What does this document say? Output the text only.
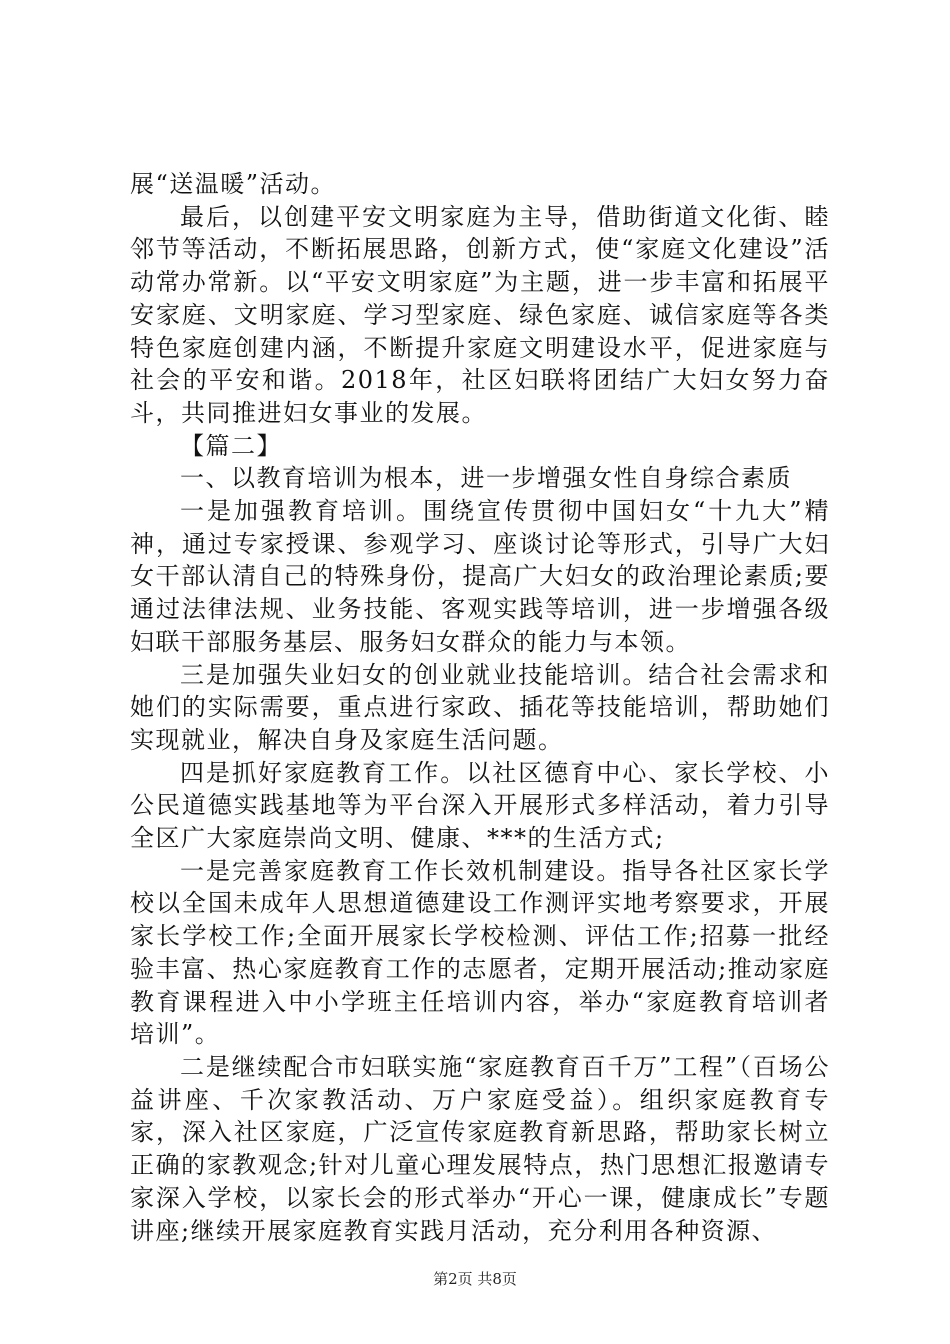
展“送温暖”活动。

最后，以创建平安文明家庭为主导，借助街道文化街、睦邻节等活动，不断拓展思路，创新方式，使“家庭文化建设”活动常办常新。以“平安文明家庭”为主题，进一步丰富和拓展平安家庭、文明家庭、学习型家庭、绿色家庭、诚信家庭等各类特色家庭创建内涵，不断提升家庭文明建设水平，促进家庭与社会的平安和谐。2018年，社区妇联将团结广大妇女努力奋斗，共同推进妇女事业的发展。

【篇二】

一、以教育培训为根本，进一步增强女性自身综合素质

一是加强教育培训。围绕宣传贯彻中国妇女“十九大”精神，通过专家授课、参观学习、座谈讨论等形式，引导广大妇女干部认清自己的特殊身份，提高广大妇女的政治理论素质;要通过法律法规、业务技能、客观实践等培训，进一步增强各级妇联干部服务基层、服务妇女群众的能力与本领。

三是加强失业妇女的创业就业技能培训。结合社会需求和她们的实际需要，重点进行家政、插花等技能培训，帮助她们实现就业，解决自身及家庭生活问题。

四是抓好家庭教育工作。以社区德育中心、家长学校、小公民道德实践基地等为平台深入开展形式多样活动，着力引导全区广大家庭崇尚文明、健康、***的生活方式;

一是完善家庭教育工作长效机制建设。指导各社区家长学校以全国未成年人思想道德建设工作测评实地考察要求，开展家长学校工作;全面开展家长学校检测、评估工作;招募一批经验丰富、热心家庭教育工作的志愿者，定期开展活动;推动家庭教育课程进入中小学班主任培训内容，举办“家庭教育培训者培训”。

二是继续配合市妇联实施“家庭教育百千万”工程”（百场公益讲座、千次家教活动、万户家庭受益）。组织家庭教育专家，深入社区家庭，广泛宣传家庭教育新思路，帮助家长树立正确的家教观念;针对儿童心理发展特点，热门思想汇报邀请专家深入学校，以家长会的形式举办“开心一课，健康成长”专题讲座;继续开展家庭教育实践月活动，充分利用各种资源、

第2页 共8页
